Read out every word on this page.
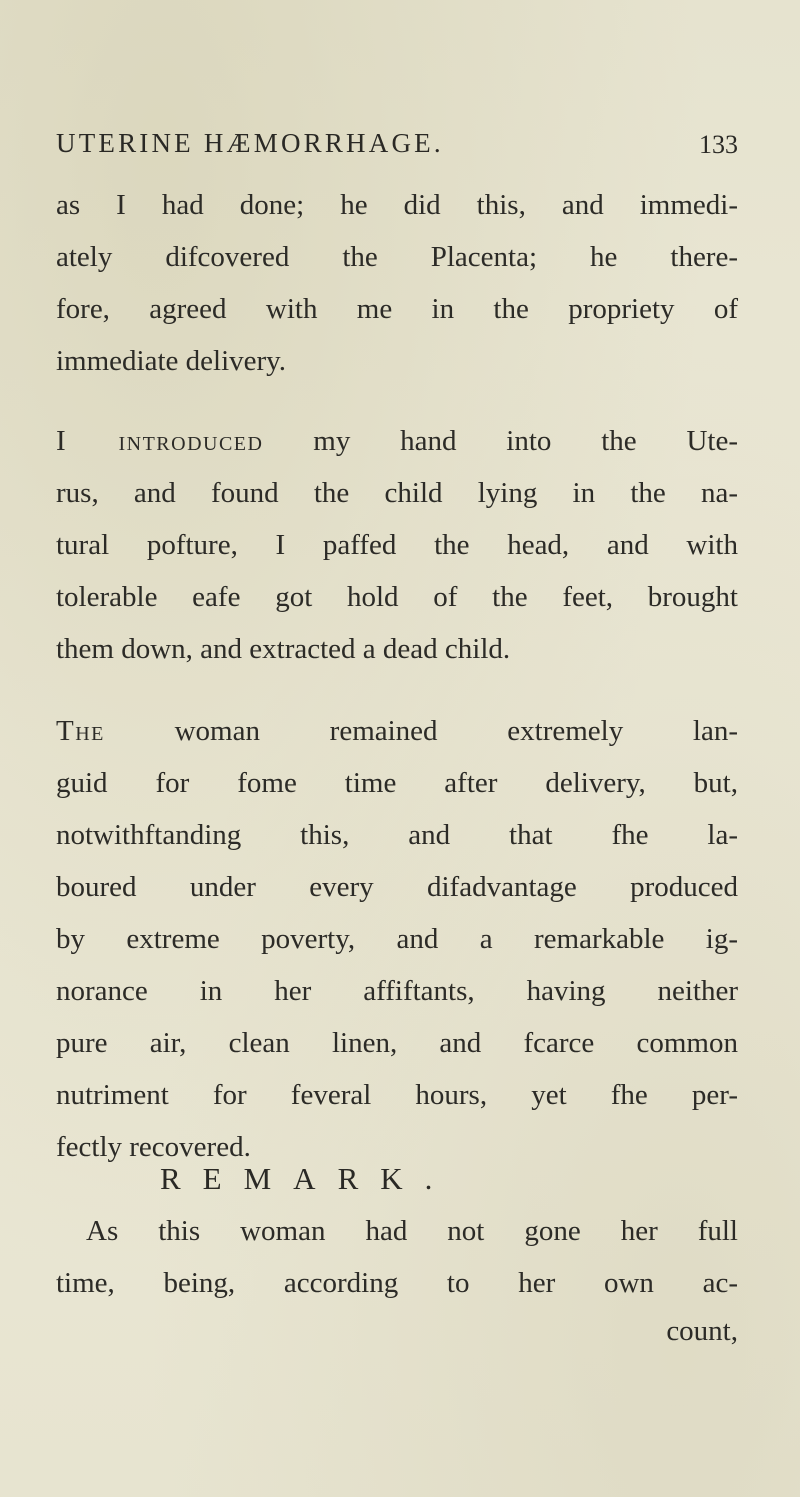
UTERINE HÆMORRHAGE.	133
as I had done; he did this, and immedi-
ately difcovered the Placenta; he there-
fore, agreed with me in the propriety of
immediate delivery.
I introduced my hand into the Ute-
rus, and found the child lying in the na-
tural pofture, I paffed the head, and with
tolerable eafe got hold of the feet, brought
them down, and extracted a dead child.
The woman remained extremely lan-
guid for fome time after delivery, but,
notwithftanding this, and that fhe la-
boured under every difadvantage produced
by extreme poverty, and a remarkable ig-
norance in her affiftants, having neither
pure air, clean linen, and fcarce common
nutriment for feveral hours, yet fhe per-
fectly recovered.
REMARK.
As this woman had not gone her full
time, being, according to her own ac-
count,
